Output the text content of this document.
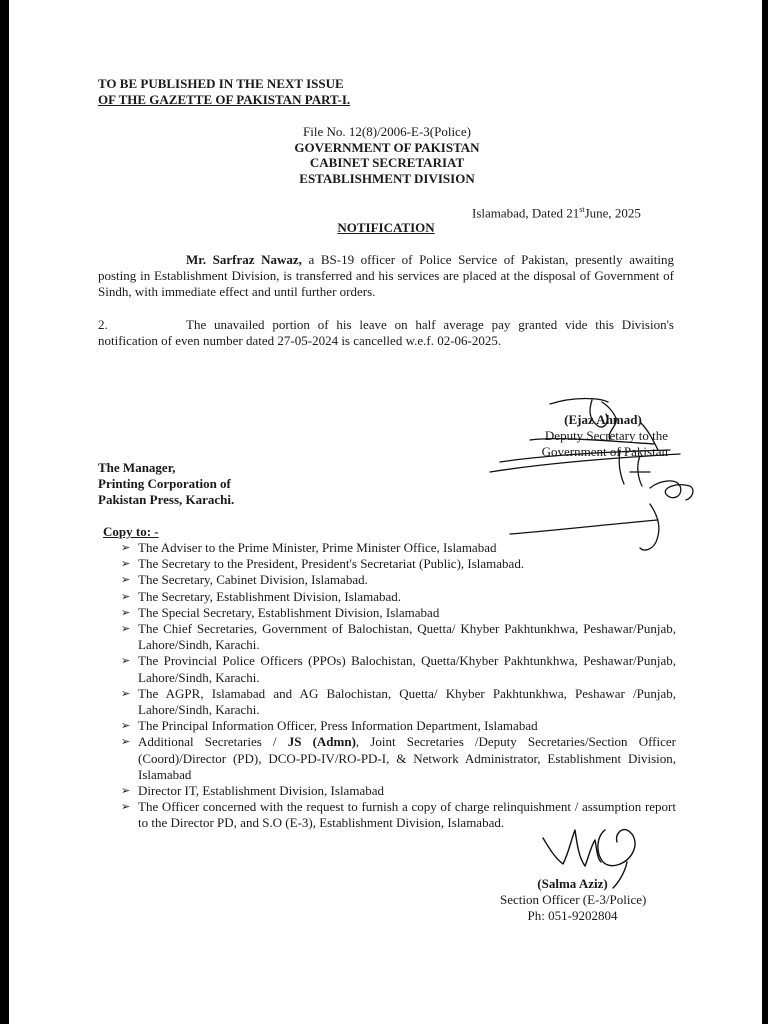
TO BE PUBLISHED IN THE NEXT ISSUE
OF THE GAZETTE OF PAKISTAN PART-I.
File No. 12(8)/2006-E-3(Police)
GOVERNMENT OF PAKISTAN
CABINET SECRETARIAT
ESTABLISHMENT DIVISION
Islamabad, Dated 21stJune, 2025
NOTIFICATION
Mr. Sarfraz Nawaz, a BS-19 officer of Police Service of Pakistan, presently awaiting posting in Establishment Division, is transferred and his services are placed at the disposal of Government of Sindh, with immediate effect and until further orders.
2.	The unavailed portion of his leave on half average pay granted vide this Division's notification of even number dated 27-05-2024 is cancelled w.e.f. 02-06-2025.
(Ejaz Ahmad)
Deputy Secretary to the
Government of Pakistan
The Manager,
Printing Corporation of
Pakistan Press, Karachi.
Copy to: -
➢ The Adviser to the Prime Minister, Prime Minister Office, Islamabad
➢ The Secretary to the President, President's Secretariat (Public), Islamabad.
➢ The Secretary, Cabinet Division, Islamabad.
➢ The Secretary, Establishment Division, Islamabad.
➢ The Special Secretary, Establishment Division, Islamabad
➢ The Chief Secretaries, Government of Balochistan, Quetta/ Khyber Pakhtunkhwa, Peshawar/Punjab, Lahore/Sindh, Karachi.
➢ The Provincial Police Officers (PPOs) Balochistan, Quetta/Khyber Pakhtunkhwa, Peshawar/Punjab, Lahore/Sindh, Karachi.
➢ The AGPR, Islamabad and AG Balochistan, Quetta/ Khyber Pakhtunkhwa, Peshawar /Punjab, Lahore/Sindh, Karachi.
➢ The Principal Information Officer, Press Information Department, Islamabad
➢ Additional Secretaries / JS (Admn), Joint Secretaries /Deputy Secretaries/Section Officer (Coord)/Director (PD), DCO-PD-IV/RO-PD-I, & Network Administrator, Establishment Division, Islamabad
➢ Director IT, Establishment Division, Islamabad
➢ The Officer concerned with the request to furnish a copy of charge relinquishment / assumption report to the Director PD, and S.O (E-3), Establishment Division, Islamabad.
(Salma Aziz)
Section Officer (E-3/Police)
Ph: 051-9202804
